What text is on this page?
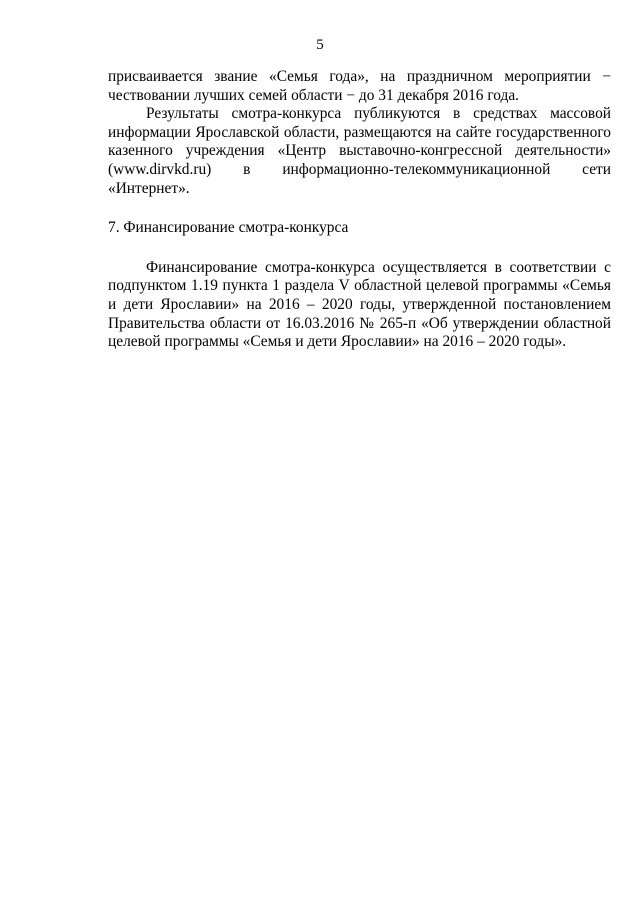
5

присваивается звание «Семья года», на праздничном мероприятии − чествовании лучших семей области − до 31 декабря 2016 года.

Результаты смотра-конкурса публикуются в средствах массовой информации Ярославской области, размещаются на сайте государственного казенного учреждения «Центр выставочно-конгрессной деятельности» (www.dirvkd.ru) в информационно-телекоммуникационной сети «Интернет».

7. Финансирование смотра-конкурса

Финансирование смотра-конкурса осуществляется в соответствии с подпунктом 1.19 пункта 1 раздела V областной целевой программы «Семья и дети Ярославии» на 2016 – 2020 годы, утвержденной постановлением Правительства области от 16.03.2016 № 265-п «Об утверждении областной целевой программы «Семья и дети Ярославии» на 2016 – 2020 годы».
